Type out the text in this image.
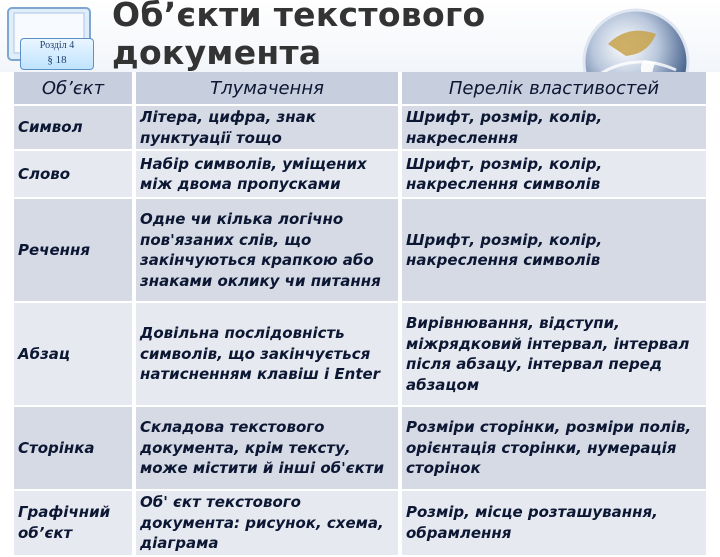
Розділ 4
§ 18
Об’єкти текстового
документа
Об’єкт	Тлумачення	Перелік властивостей
Символ	Літера, цифра, знак пунктуації тощо	Шрифт, розмір, колір, накреслення
Слово	Набір символів, уміщених між двома пропусками	Шрифт, розмір, колір, накреслення символів
Речення	Одне чи кілька логічно пов'язаних слів, що закінчуються крапкою або знаками оклику чи питання	Шрифт, розмір, колір, накреслення символів
Абзац	Довільна послідовність символів, що закінчується натисненням клавіш і Enter	Вирівнювання, відступи, міжрядковий інтервал, інтервал після абзацу, інтервал перед абзацом
Сторінка	Складова текстового документа, крім тексту, може містити й інші об'єкти	Розміри сторінки, розміри полів, орієнтація сторінки, нумерація сторінок
Графічний об’єкт	Об' єкт текстового документа: рисунок, схема, діаграма	Розмір, місце розташування, обрамлення
